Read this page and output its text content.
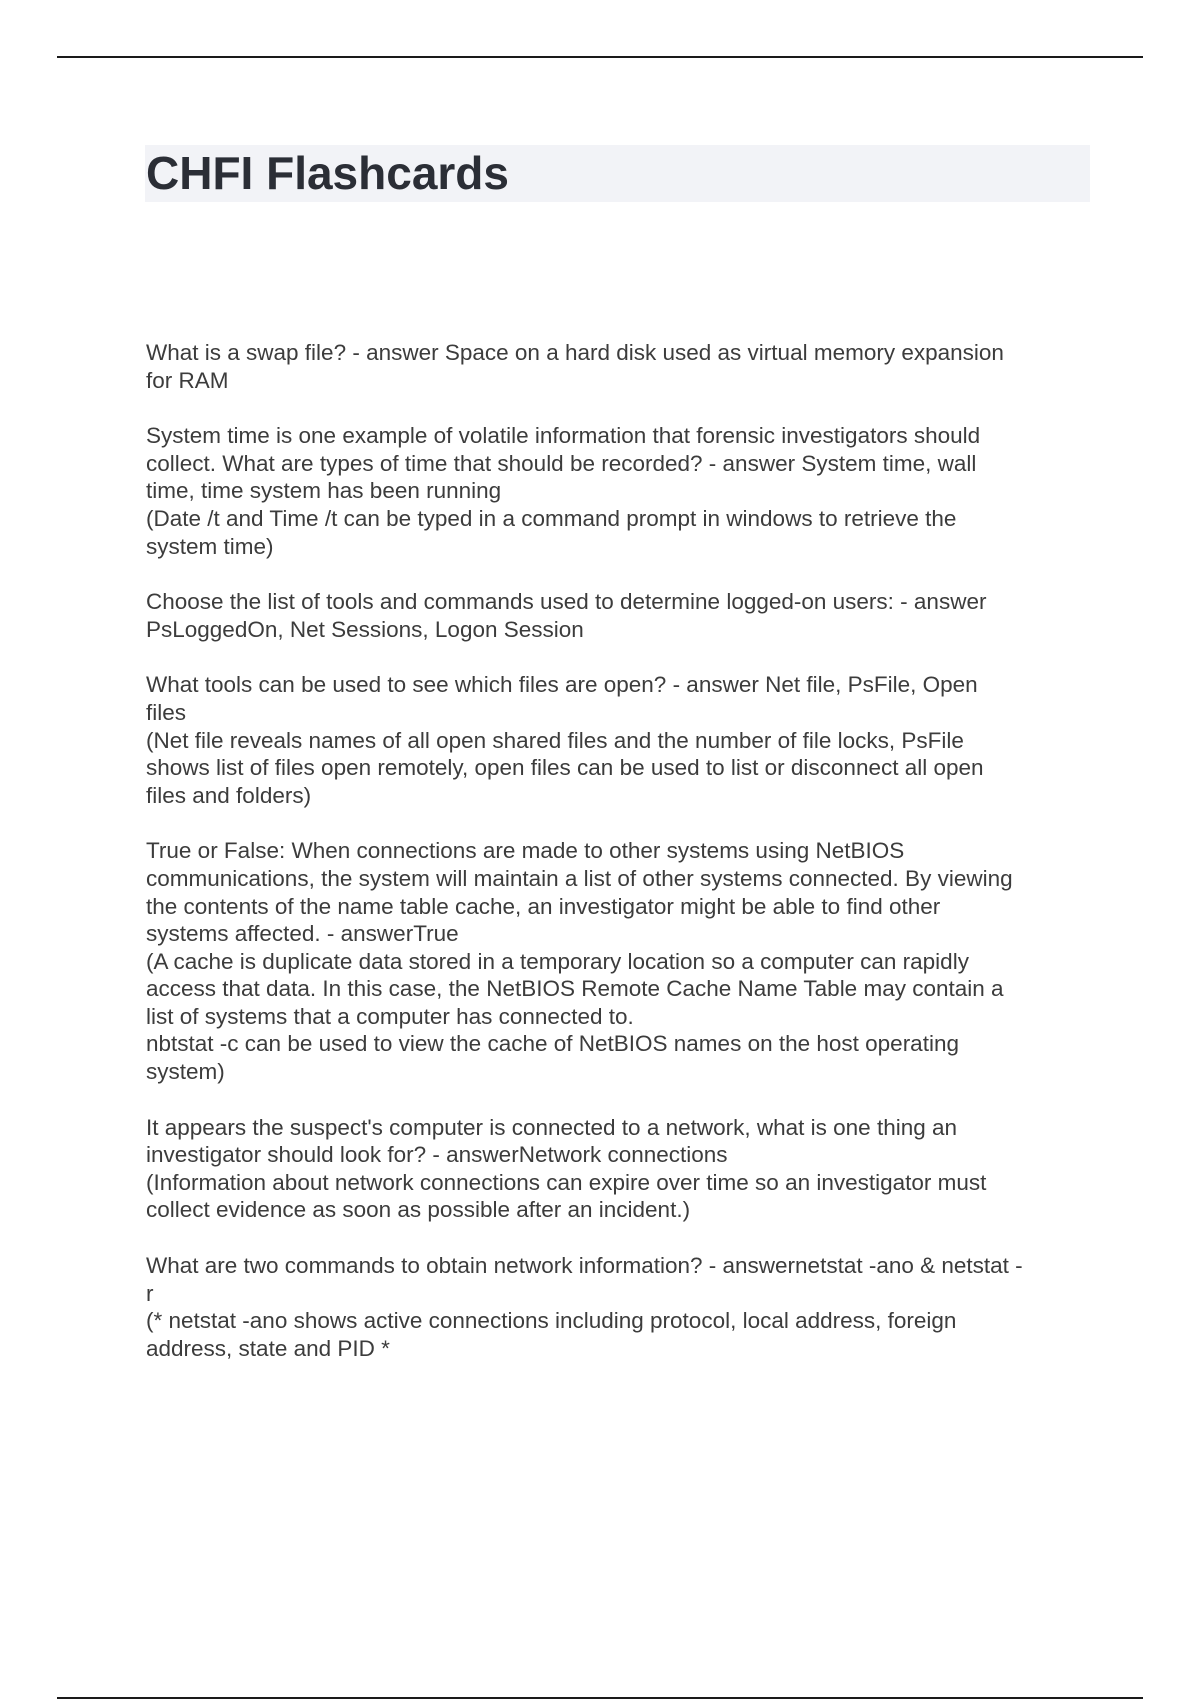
CHFI Flashcards
What is a swap file? - answer Space on a hard disk used as virtual memory expansion
for RAM
System time is one example of volatile information that forensic investigators should
collect. What are types of time that should be recorded? - answer System time, wall
time, time system has been running
(Date /t and Time /t can be typed in a command prompt in windows to retrieve the
system time)
Choose the list of tools and commands used to determine logged-on users: - answer
PsLoggedOn, Net Sessions, Logon Session
What tools can be used to see which files are open? - answer Net file, PsFile, Open
files
(Net file reveals names of all open shared files and the number of file locks, PsFile
shows list of files open remotely, open files can be used to list or disconnect all open
files and folders)
True or False: When connections are made to other systems using NetBIOS
communications, the system will maintain a list of other systems connected. By viewing
the contents of the name table cache, an investigator might be able to find other
systems affected. - answerTrue
(A cache is duplicate data stored in a temporary location so a computer can rapidly
access that data. In this case, the NetBIOS Remote Cache Name Table may contain a
list of systems that a computer has connected to.
nbtstat -c can be used to view the cache of NetBIOS names on the host operating
system)
It appears the suspect's computer is connected to a network, what is one thing an
investigator should look for? - answerNetwork connections
(Information about network connections can expire over time so an investigator must
collect evidence as soon as possible after an incident.)
What are two commands to obtain network information? - answernetstat -ano & netstat -
r
(* netstat -ano shows active connections including protocol, local address, foreign
address, state and PID *
